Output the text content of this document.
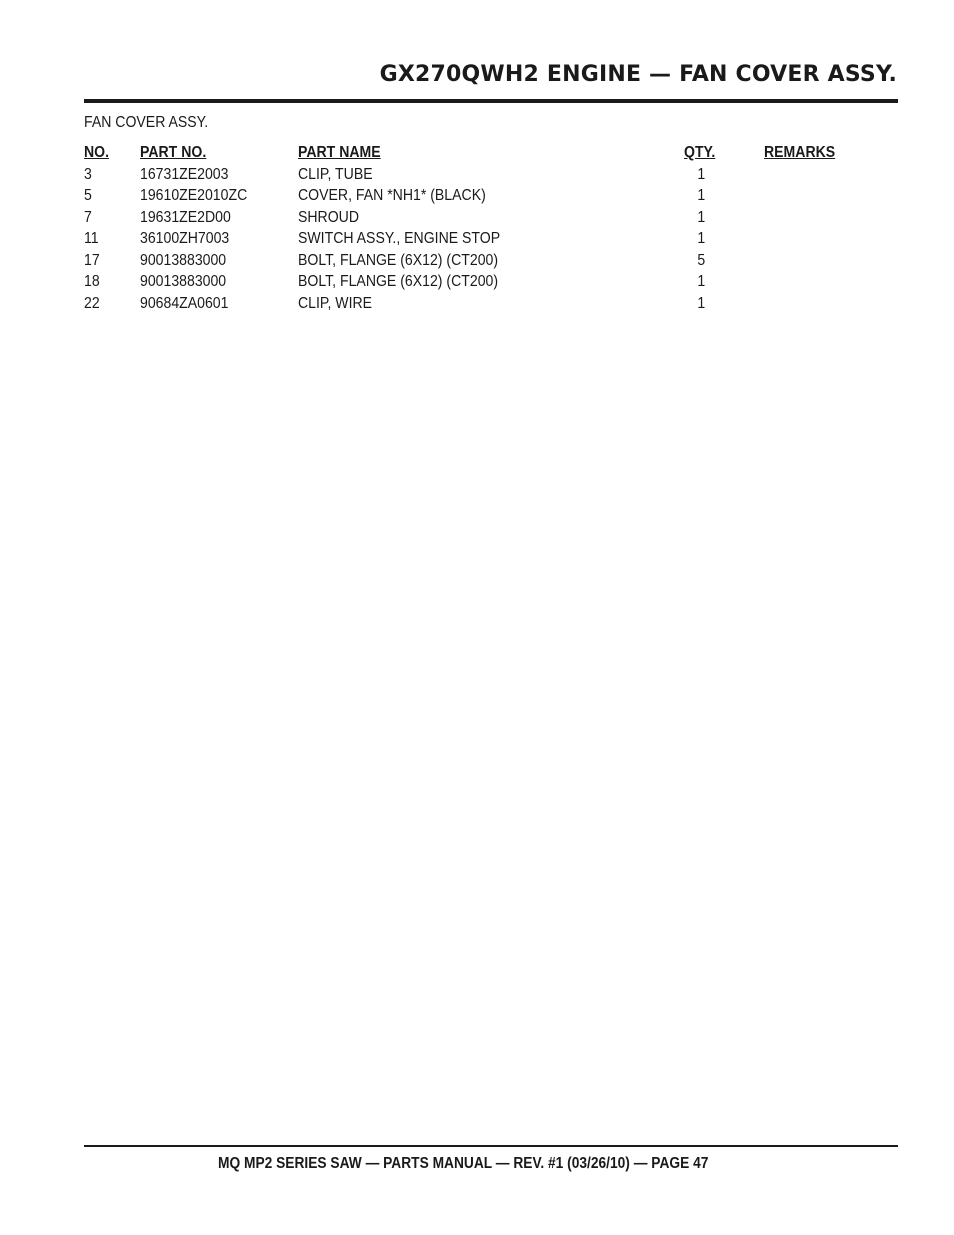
GX270QWH2 ENGINE — FAN COVER ASSY.
FAN COVER ASSY.
NO. PART NO.	PART NAME	QTY.	REMARKS
3	16731ZE2003	CLIP, TUBE	1
5	19610ZE2010ZC	COVER, FAN *NH1* (BLACK)	1
7	19631ZE2D00	SHROUD	1
11	36100ZH7003	SWITCH ASSY., ENGINE STOP	1
17	90013883000	BOLT, FLANGE (6X12) (CT200)	5
18	90013883000	BOLT, FLANGE (6X12) (CT200)	1
22	90684ZA0601	CLIP, WIRE	1
MQ MP2 SERIES SAW — PARTS MANUAL — REV. #1 (03/26/10) — PAGE 47
